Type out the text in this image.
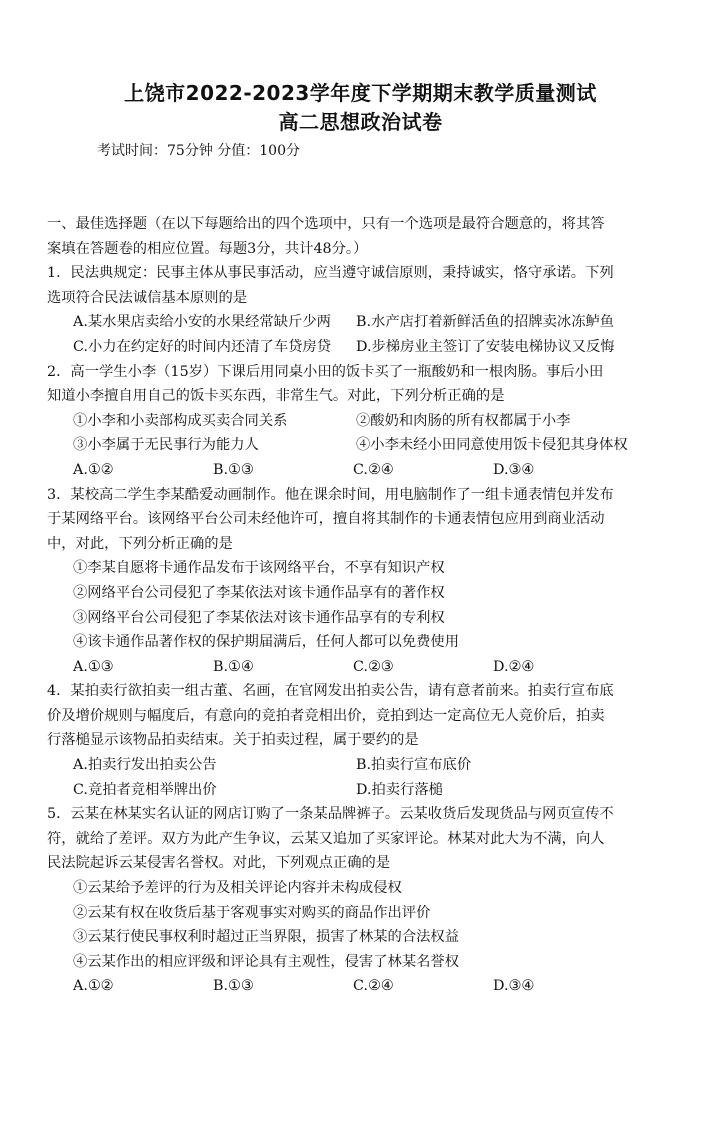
上饶市2022-2023学年度下学期期末教学质量测试
高二思想政治试卷
考试时间：75分钟 分值：100分
一、最佳选择题（在以下每题给出的四个选项中，只有一个选项是最符合题意的，将其答
案填在答题卷的相应位置。每题3分，共计48分。）
1．民法典规定：民事主体从事民事活动，应当遵守诚信原则，秉持诚实，恪守承诺。下列
选项符合民法诚信基本原则的是
A.某水果店卖给小安的水果经常缺斤少两	B.水产店打着新鲜活鱼的招牌卖冰冻鲈鱼
C.小力在约定好的时间内还清了车贷房贷	D.步梯房业主签订了安装电梯协议又反悔
2．高一学生小李（15岁）下课后用同桌小田的饭卡买了一瓶酸奶和一根肉肠。事后小田
知道小李擅自用自己的饭卡买东西，非常生气。对此，下列分析正确的是
①小李和小卖部构成买卖合同关系	②酸奶和肉肠的所有权都属于小李
③小李属于无民事行为能力人	④小李未经小田同意使用饭卡侵犯其身体权
A.①②	B.①③	C.②④	D.③④
3．某校高二学生李某酷爱动画制作。他在课余时间，用电脑制作了一组卡通表情包并发布
于某网络平台。该网络平台公司未经他许可，擅自将其制作的卡通表情包应用到商业活动
中，对此，下列分析正确的是
①李某自愿将卡通作品发布于该网络平台，不享有知识产权
②网络平台公司侵犯了李某依法对该卡通作品享有的著作权
③网络平台公司侵犯了李某依法对该卡通作品享有的专利权
④该卡通作品著作权的保护期届满后，任何人都可以免费使用
A.①③	B.①④	C.②③	D.②④
4．某拍卖行欲拍卖一组古董、名画，在官网发出拍卖公告，请有意者前来。拍卖行宣布底
价及增价规则与幅度后，有意向的竞拍者竞相出价，竞拍到达一定高位无人竞价后，拍卖
行落槌显示该物品拍卖结束。关于拍卖过程，属于要约的是
A.拍卖行发出拍卖公告	B.拍卖行宣布底价
C.竞拍者竞相举牌出价	D.拍卖行落槌
5．云某在林某实名认证的网店订购了一条某品牌裤子。云某收货后发现货品与网页宣传不
符，就给了差评。双方为此产生争议，云某又追加了买家评论。林某对此大为不满，向人
民法院起诉云某侵害名誉权。对此，下列观点正确的是
①云某给予差评的行为及相关评论内容并未构成侵权
②云某有权在收货后基于客观事实对购买的商品作出评价
③云某行使民事权利时超过正当界限，损害了林某的合法权益
④云某作出的相应评级和评论具有主观性，侵害了林某名誉权
A.①②	B.①③	C.②④	D.③④
